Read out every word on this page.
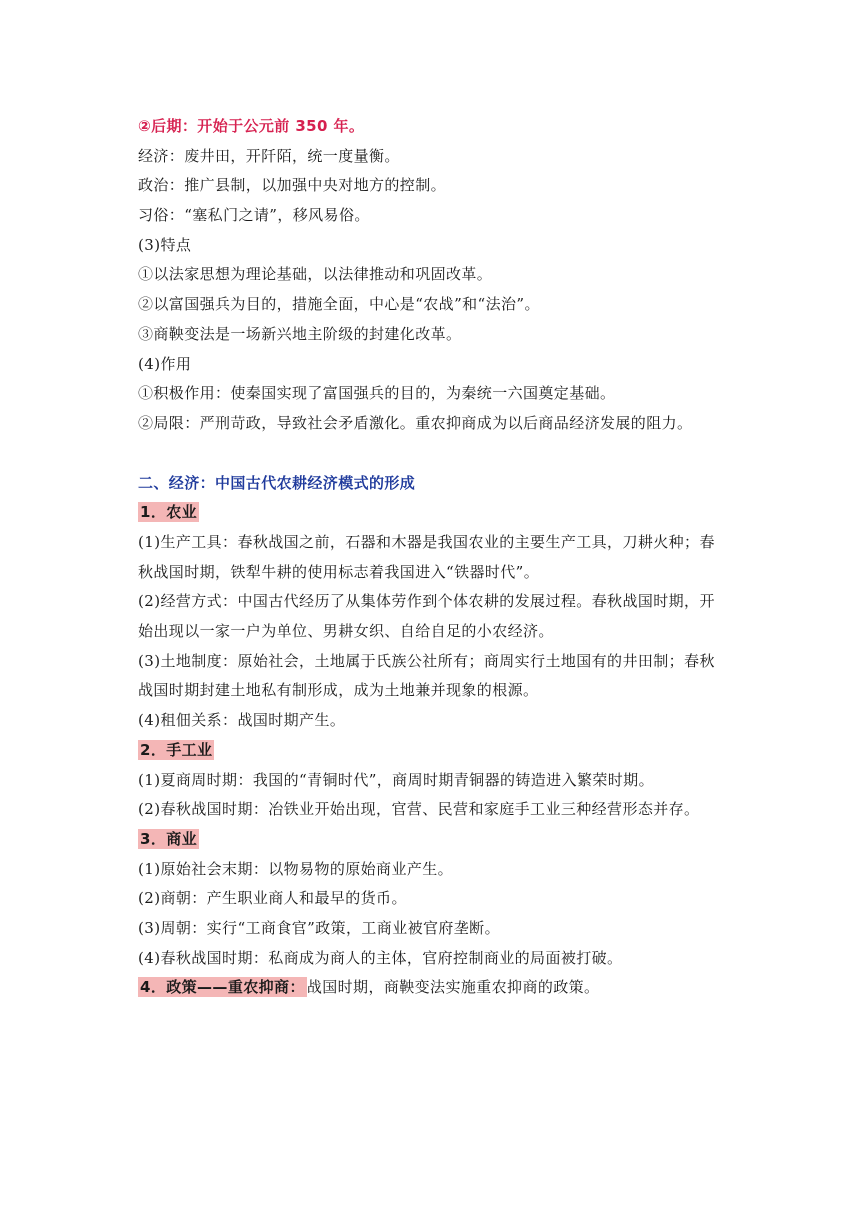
②后期：开始于公元前 350 年。
经济：废井田，开阡陌，统一度量衡。
政治：推广县制，以加强中央对地方的控制。
习俗：“塞私门之请”，移风易俗。
(3)特点
①以法家思想为理论基础，以法律推动和巩固改革。
②以富国强兵为目的，措施全面，中心是“农战”和“法治”。
③商鞅变法是一场新兴地主阶级的封建化改革。
(4)作用
①积极作用：使秦国实现了富国强兵的目的，为秦统一六国奠定基础。
②局限：严刑苛政，导致社会矛盾激化。重农抑商成为以后商品经济发展的阻力。
二、经济：中国古代农耕经济模式的形成
1．农业
(1)生产工具：春秋战国之前，石器和木器是我国农业的主要生产工具，刀耕火种；春秋战国时期，铁犁牛耕的使用标志着我国进入“铁器时代”。
(2)经营方式：中国古代经历了从集体劳作到个体农耕的发展过程。春秋战国时期，开始出现以一家一户为单位、男耕女织、自给自足的小农经济。
(3)土地制度：原始社会，土地属于氏族公社所有；商周实行土地国有的井田制；春秋战国时期封建土地私有制形成，成为土地兼并现象的根源。
(4)租佃关系：战国时期产生。
2．手工业
(1)夏商周时期：我国的“青铜时代”，商周时期青铜器的铸造进入繁荣时期。
(2)春秋战国时期：冶铁业开始出现，官营、民营和家庭手工业三种经营形态并存。
3．商业
(1)原始社会末期：以物易物的原始商业产生。
(2)商朝：产生职业商人和最早的货币。
(3)周朝：实行“工商食官”政策，工商业被官府垄断。
(4)春秋战国时期：私商成为商人的主体，官府控制商业的局面被打破。
4．政策——重农抑商： 战国时期，商鞅变法实施重农抑商的政策。
